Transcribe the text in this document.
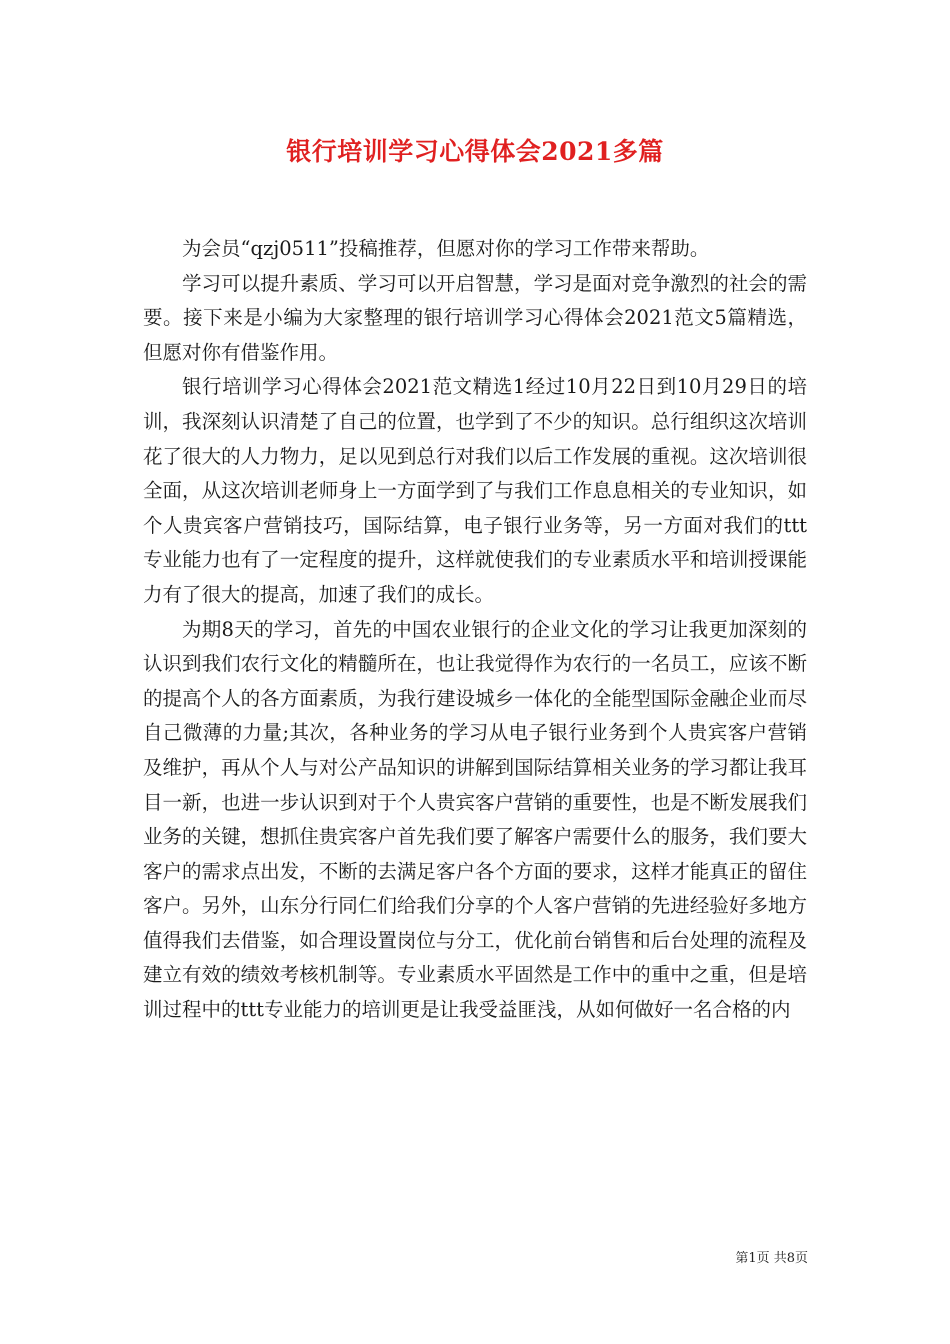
银行培训学习心得体会2021多篇

为会员“qzj0511”投稿推荐，但愿对你的学习工作带来帮助。

学习可以提升素质、学习可以开启智慧，学习是面对竞争激烈的社会的需要。接下来是小编为大家整理的银行培训学习心得体会2021范文5篇精选，但愿对你有借鉴作用。

银行培训学习心得体会2021范文精选1经过10月22日到10月29日的培训，我深刻认识清楚了自己的位置，也学到了不少的知识。总行组织这次培训花了很大的人力物力，足以见到总行对我们以后工作发展的重视。这次培训很全面，从这次培训老师身上一方面学到了与我们工作息息相关的专业知识，如个人贵宾客户营销技巧，国际结算，电子银行业务等，另一方面对我们的ttt专业能力也有了一定程度的提升，这样就使我们的专业素质水平和培训授课能力有了很大的提高，加速了我们的成长。

为期8天的学习，首先的中国农业银行的企业文化的学习让我更加深刻的认识到我们农行文化的精髓所在，也让我觉得作为农行的一名员工，应该不断的提高个人的各方面素质，为我行建设城乡一体化的全能型国际金融企业而尽自己微薄的力量;其次，各种业务的学习从电子银行业务到个人贵宾客户营销及维护，再从个人与对公产品知识的讲解到国际结算相关业务的学习都让我耳目一新，也进一步认识到对于个人贵宾客户营销的重要性，也是不断发展我们业务的关键，想抓住贵宾客户首先我们要了解客户需要什么的服务，我们要大客户的需求点出发，不断的去满足客户各个方面的要求，这样才能真正的留住客户。另外，山东分行同仁们给我们分享的个人客户营销的先进经验好多地方值得我们去借鉴，如合理设置岗位与分工，优化前台销售和后台处理的流程及建立有效的绩效考核机制等。专业素质水平固然是工作中的重中之重，但是培训过程中的ttt专业能力的培训更是让我受益匪浅，从如何做好一名合格的内

第1页 共8页
